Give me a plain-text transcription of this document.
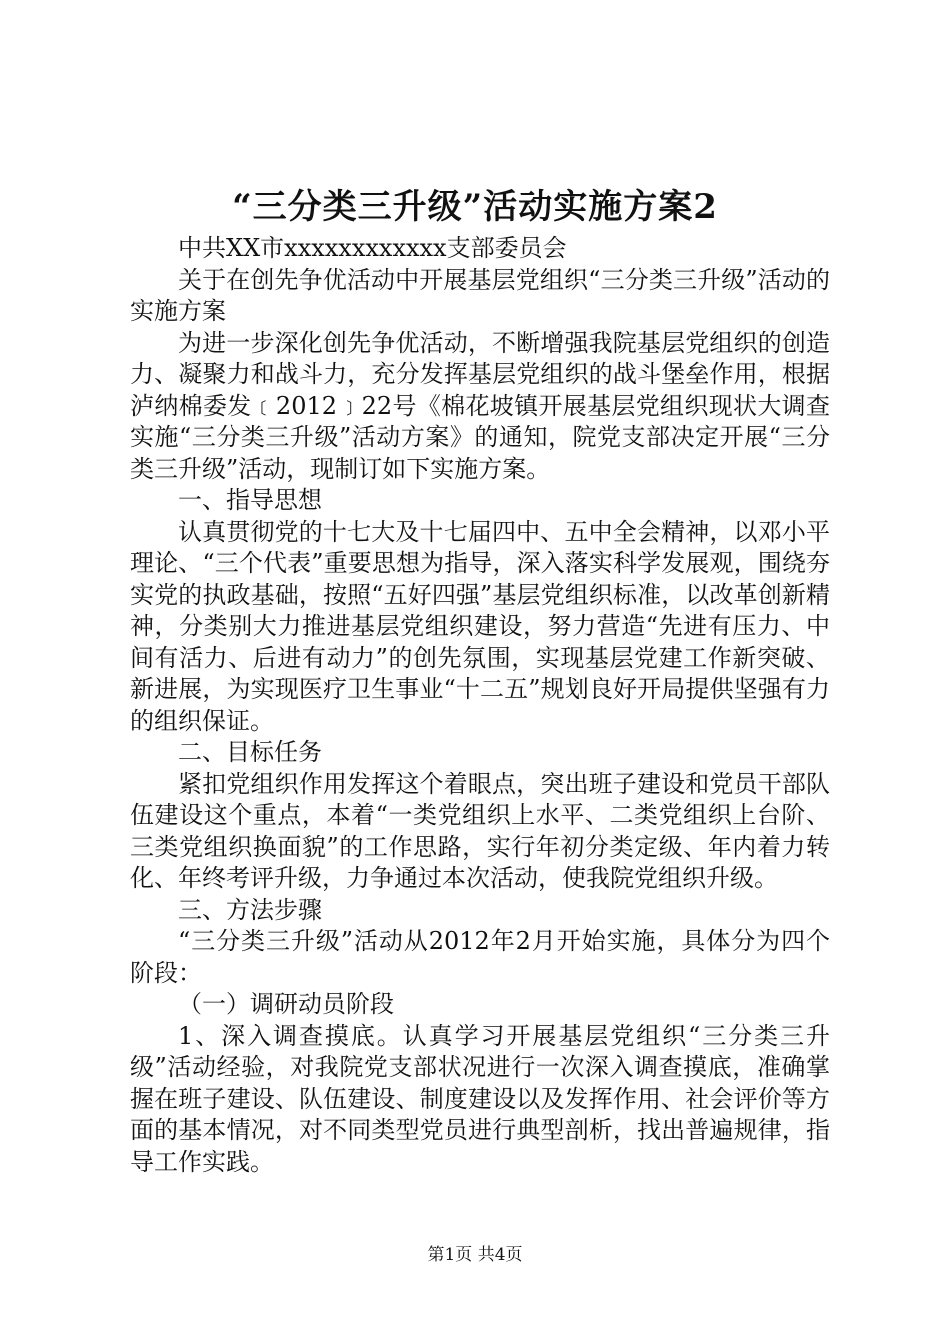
“三分类三升级”活动实施方案2

中共XX市xxxxxxxxxxxx支部委员会

关于在创先争优活动中开展基层党组织“三分类三升级”活动的实施方案

为进一步深化创先争优活动，不断增强我院基层党组织的创造力、凝聚力和战斗力，充分发挥基层党组织的战斗堡垒作用，根据泸纳棉委发﹝2012﹞22号《棉花坡镇开展基层党组织现状大调查实施“三分类三升级”活动方案》的通知，院党支部决定开展“三分类三升级”活动，现制订如下实施方案。

一、指导思想

认真贯彻党的十七大及十七届四中、五中全会精神，以邓小平理论、“三个代表”重要思想为指导，深入落实科学发展观，围绕夯实党的执政基础，按照“五好四强”基层党组织标准，以改革创新精神，分类别大力推进基层党组织建设，努力营造“先进有压力、中间有活力、后进有动力”的创先氛围，实现基层党建工作新突破、新进展，为实现医疗卫生事业“十二五”规划良好开局提供坚强有力的组织保证。

二、目标任务

紧扣党组织作用发挥这个着眼点，突出班子建设和党员干部队伍建设这个重点，本着“一类党组织上水平、二类党组织上台阶、三类党组织换面貌”的工作思路，实行年初分类定级、年内着力转化、年终考评升级，力争通过本次活动，使我院党组织升级。

三、方法步骤

“三分类三升级”活动从2012年2月开始实施，具体分为四个阶段：

（一）调研动员阶段

1、深入调查摸底。认真学习开展基层党组织“三分类三升级”活动经验，对我院党支部状况进行一次深入调查摸底，准确掌握在班子建设、队伍建设、制度建设以及发挥作用、社会评价等方面的基本情况，对不同类型党员进行典型剖析，找出普遍规律，指导工作实践。

第1页 共4页
